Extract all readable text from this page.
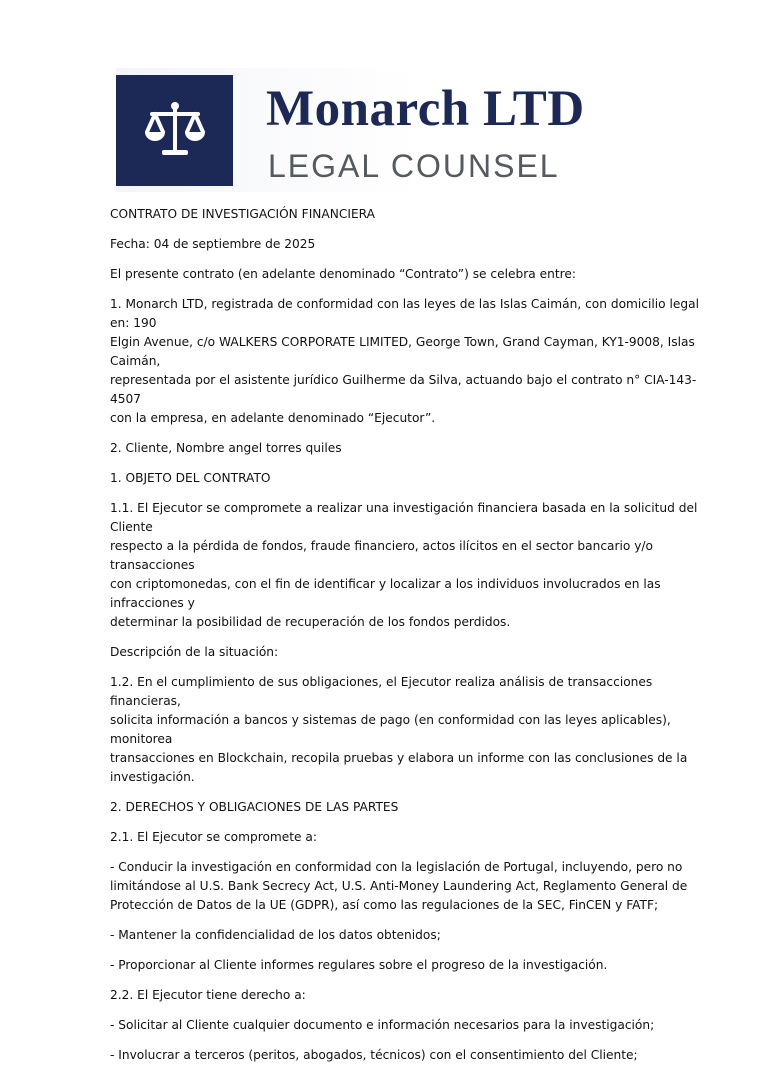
Monarch LTD
LEGAL COUNSEL

CONTRATO DE INVESTIGACIÓN FINANCIERA

Fecha: 04 de septiembre de 2025

El presente contrato (en adelante denominado “Contrato”) se celebra entre:

1. Monarch LTD, registrada de conformidad con las leyes de las Islas Caimán, con domicilio legal en: 190

Elgin Avenue, c/o WALKERS CORPORATE LIMITED, George Town, Grand Cayman, KY1-9008, Islas Caimán,

representada por el asistente jurídico Guilherme da Silva, actuando bajo el contrato n° CIA-143-4507

con la empresa, en adelante denominado “Ejecutor”.

2. Cliente, Nombre angel torres quiles

1. OBJETO DEL CONTRATO

1.1. El Ejecutor se compromete a realizar una investigación financiera basada en la solicitud del Cliente

respecto a la pérdida de fondos, fraude financiero, actos ilícitos en el sector bancario y/o transacciones

con criptomonedas, con el fin de identificar y localizar a los individuos involucrados en las infracciones y

determinar la posibilidad de recuperación de los fondos perdidos.

Descripción de la situación:

1.2. En el cumplimiento de sus obligaciones, el Ejecutor realiza análisis de transacciones financieras,

solicita información a bancos y sistemas de pago (en conformidad con las leyes aplicables), monitorea

transacciones en Blockchain, recopila pruebas y elabora un informe con las conclusiones de la

investigación.

2. DERECHOS Y OBLIGACIONES DE LAS PARTES

2.1. El Ejecutor se compromete a:

- Conducir la investigación en conformidad con la legislación de Portugal, incluyendo, pero no

limitándose al U.S. Bank Secrecy Act, U.S. Anti-Money Laundering Act, Reglamento General de

Protección de Datos de la UE (GDPR), así como las regulaciones de la SEC, FinCEN y FATF;

- Mantener la confidencialidad de los datos obtenidos;

- Proporcionar al Cliente informes regulares sobre el progreso de la investigación.

2.2. El Ejecutor tiene derecho a:

- Solicitar al Cliente cualquier documento e información necesarios para la investigación;

- Involucrar a terceros (peritos, abogados, técnicos) con el consentimiento del Cliente;
